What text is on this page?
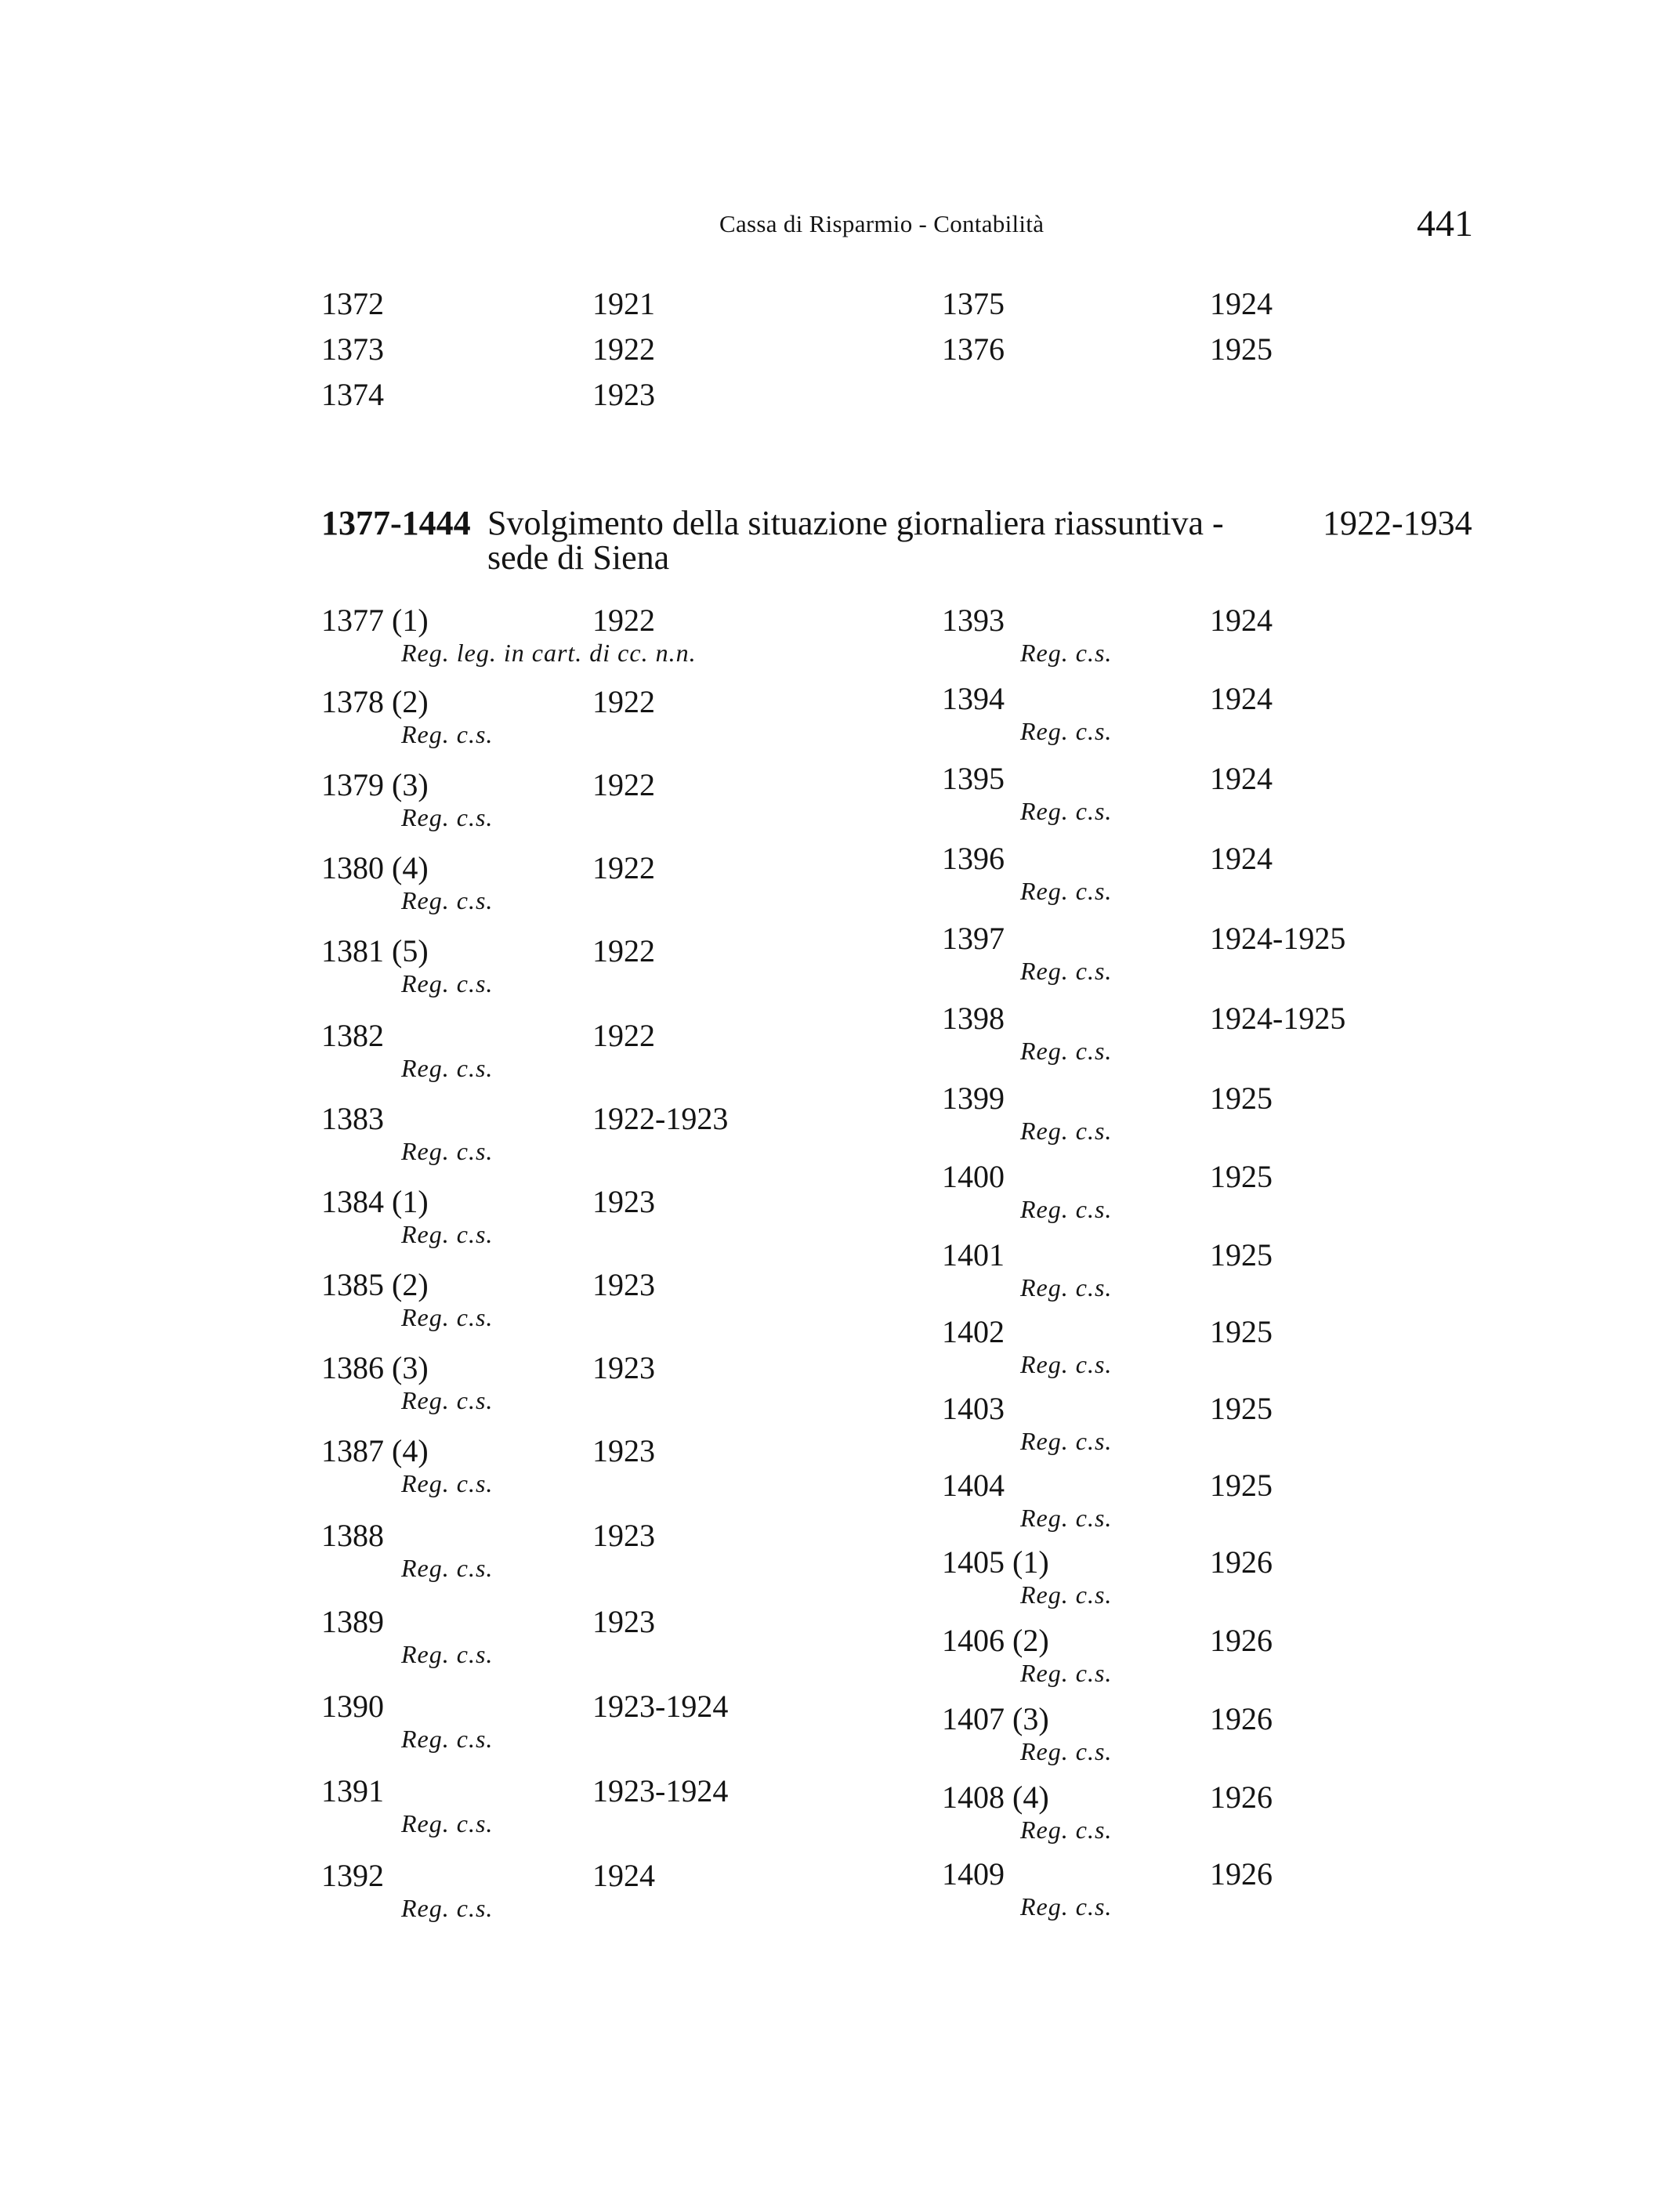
Cassa di Risparmio - Contabilità	441
1372	1921
1373	1922
1374	1923
1375	1924
1376	1925
1377-1444 Svolgimento della situazione giornaliera riassuntiva -
sede di Siena
1922-1934
1377 (1)	1922
Reg. leg. in cart. di cc. n.n.
1378 (2)	1922
Reg. c.s.
1379 (3)	1922
Reg. c.s.
1380 (4)	1922
Reg. c.s.
1381 (5)	1922
Reg. c.s.
1382	1922
Reg. c.s.
1383	1922-1923
Reg. c.s.
1384 (1)	1923
Reg. c.s.
1385 (2)	1923
Reg. c.s.
1386 (3)	1923
Reg. c.s.
1387 (4)	1923
Reg. c.s.
1388	1923
Reg. c.s.
1389	1923
Reg. c.s.
1390	1923-1924
Reg. c.s.
1391	1923-1924
Reg. c.s.
1392	1924
Reg. c.s.
1393	1924
Reg. c.s.
1394	1924
Reg. c.s.
1395	1924
Reg. c.s.
1396	1924
Reg. c.s.
1397	1924-1925
Reg. c.s.
1398	1924-1925
Reg. c.s.
1399	1925
Reg. c.s.
1400	1925
Reg. c.s.
1401	1925
Reg. c.s.
1402	1925
Reg. c.s.
1403	1925
Reg. c.s.
1404	1925
Reg. c.s.
1405 (1)	1926
Reg. c.s.
1406 (2)	1926
Reg. c.s.
1407 (3)	1926
Reg. c.s.
1408 (4)	1926
Reg. c.s.
1409	1926
Reg. c.s.
